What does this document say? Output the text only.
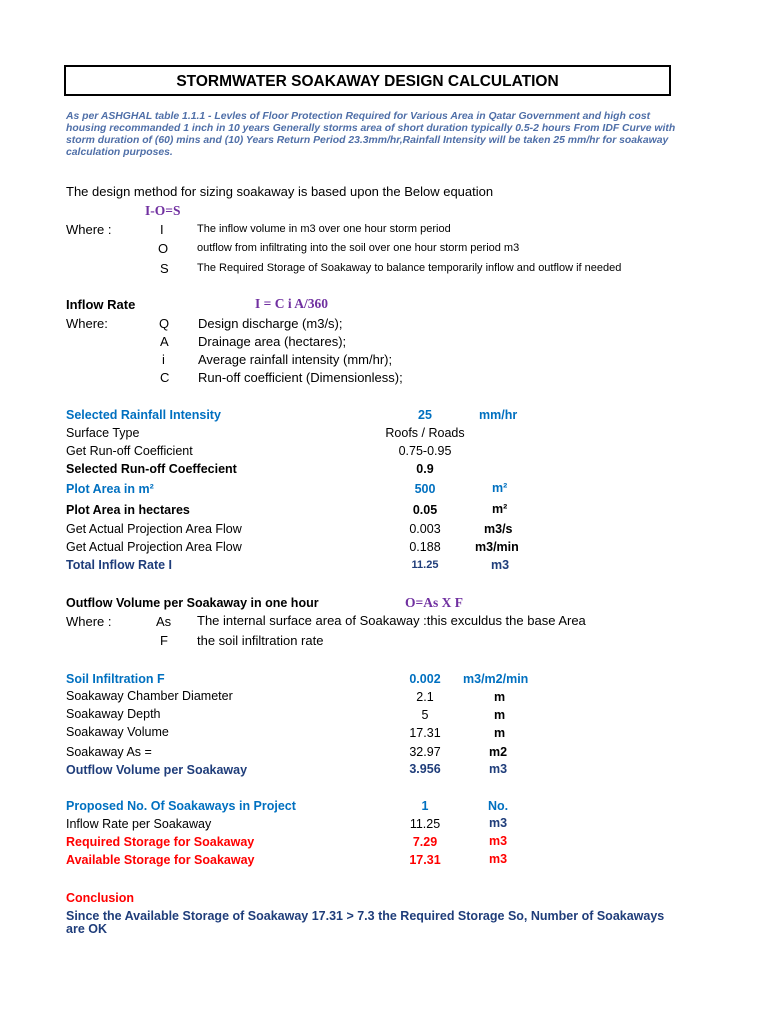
STORMWATER SOAKAWAY DESIGN CALCULATION
As per ASHGHAL table 1.1.1 - Levles of Floor Protection Required for Various Area in Qatar Government and high cost housing recommanded 1 inch in 10 years Generally storms area of short duration typically 0.5-2 hours From IDF Curve with storm duration of (60) mins and (10) Years Return Period 23.3mm/hr,Rainfall Intensity will be taken 25 mm/hr for soakaway calculation purposes.
The design method for sizing soakaway is based upon the Below equation
I-O=S
Where :	I	The inflow volume in m3 over one hour storm period
O	outflow from infiltrating into the soil over one hour storm period m3
S	The Required Storage of Soakaway to balance temporarily inflow and outflow if needed
Inflow Rate	I = C i A/360
Where:	Q Design discharge (m3/s);
A Drainage area (hectares);
i	Average rainfall intensity (mm/hr);
C Run-off coefficient (Dimensionless);
Selected Rainfall Intensity	25	mm/hr
Surface Type	Roofs / Roads
Get Run-off Coefficient	0.75-0.95
Selected Run-off Coeffecient	0.9
Plot Area in m²	500	m²
Plot Area in hectares	0.05	m²
Get Actual Projection Area Flow	0.003	m3/s
Get Actual Projection Area Flow	0.188	m3/min
Total Inflow Rate I	11.25	m3
Outflow Volume per Soakaway in one hour	O=As X F
Where :	As The internal surface area of Soakaway :this exculdus the base Area
F the soil infiltration rate
Soil Infiltration F	0.002 m3/m2/min
Soakaway Chamber Diameter	2.1	m
Soakaway Depth	5	m
Soakaway Volume	17.31	m
Soakaway As =	32.97	m2
Outflow Volume per Soakaway	3.956	m3
Proposed No. Of Soakaways in Project	1	No.
Inflow Rate per Soakaway	11.25	m3
Required Storage for Soakaway	7.29	m3
Available Storage for Soakaway	17.31	m3
Conclusion
Since the Available Storage of Soakaway 17.31 > 7.3 the Required Storage So, Number of Soakaways are OK
